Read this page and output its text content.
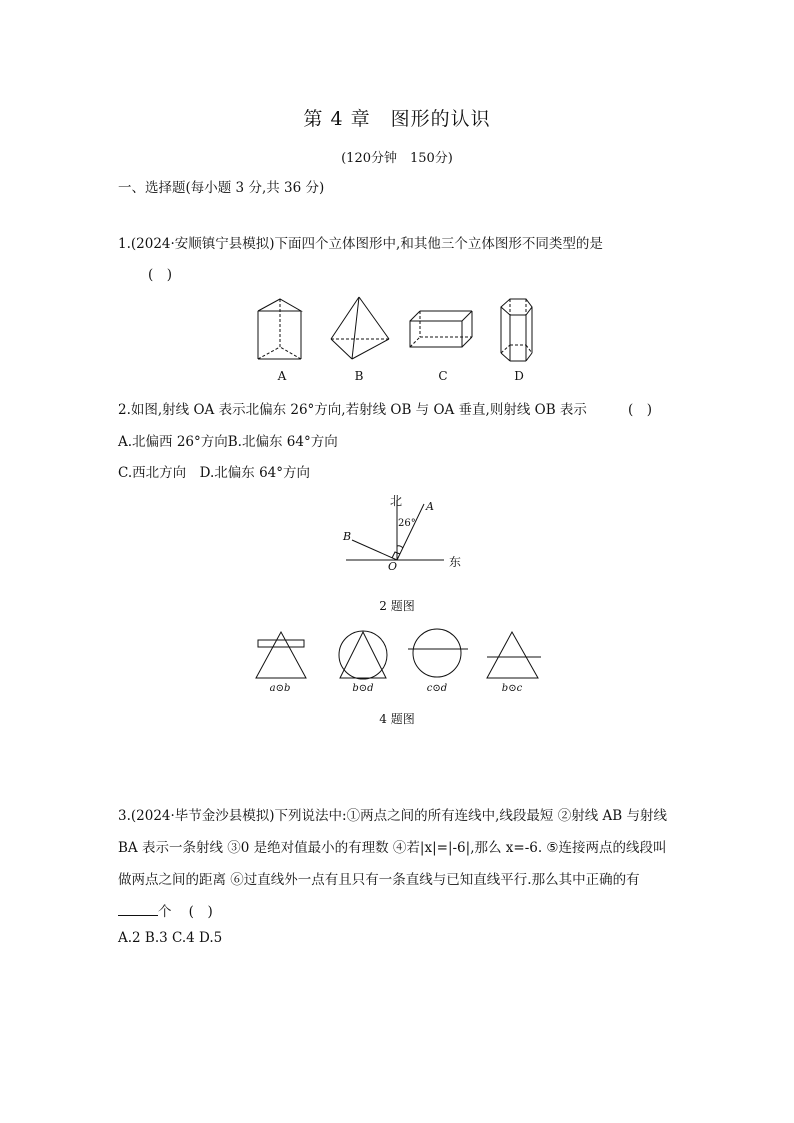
第 4 章　图形的认识
(120分钟　150分)
一、选择题(每小题 3 分,共 36 分)
1.(2024·安顺镇宁县模拟)下面四个立体图形中,和其他三个立体图形不同类型的是
(　)
A	B	C	D
2.如图,射线 OA 表示北偏东 26°方向,若射线 OB 与 OA 垂直,则射线 OB 表示	(　)
A.北偏西 26°方向B.北偏东 64°方向
C.西北方向　D.北偏东 64°方向
北
东
26°
A
B
O
2 题图
a⊙b	b⊙d	c⊙d	b⊙c
4 题图
3.(2024·毕节金沙县模拟)下列说法中:①两点之间的所有连线中,线段最短 ②射线 AB 与射线 BA 表示一条射线 ③0 是绝对值最小的有理数 ④若|x|=|-6|,那么 x=-6. ⑤连接两点的线段叫做两点之间的距离 ⑥过直线外一点有且只有一条直线与已知直线平行.那么其中正确的有个 (　)
A.2 B.3 C.4 D.5
